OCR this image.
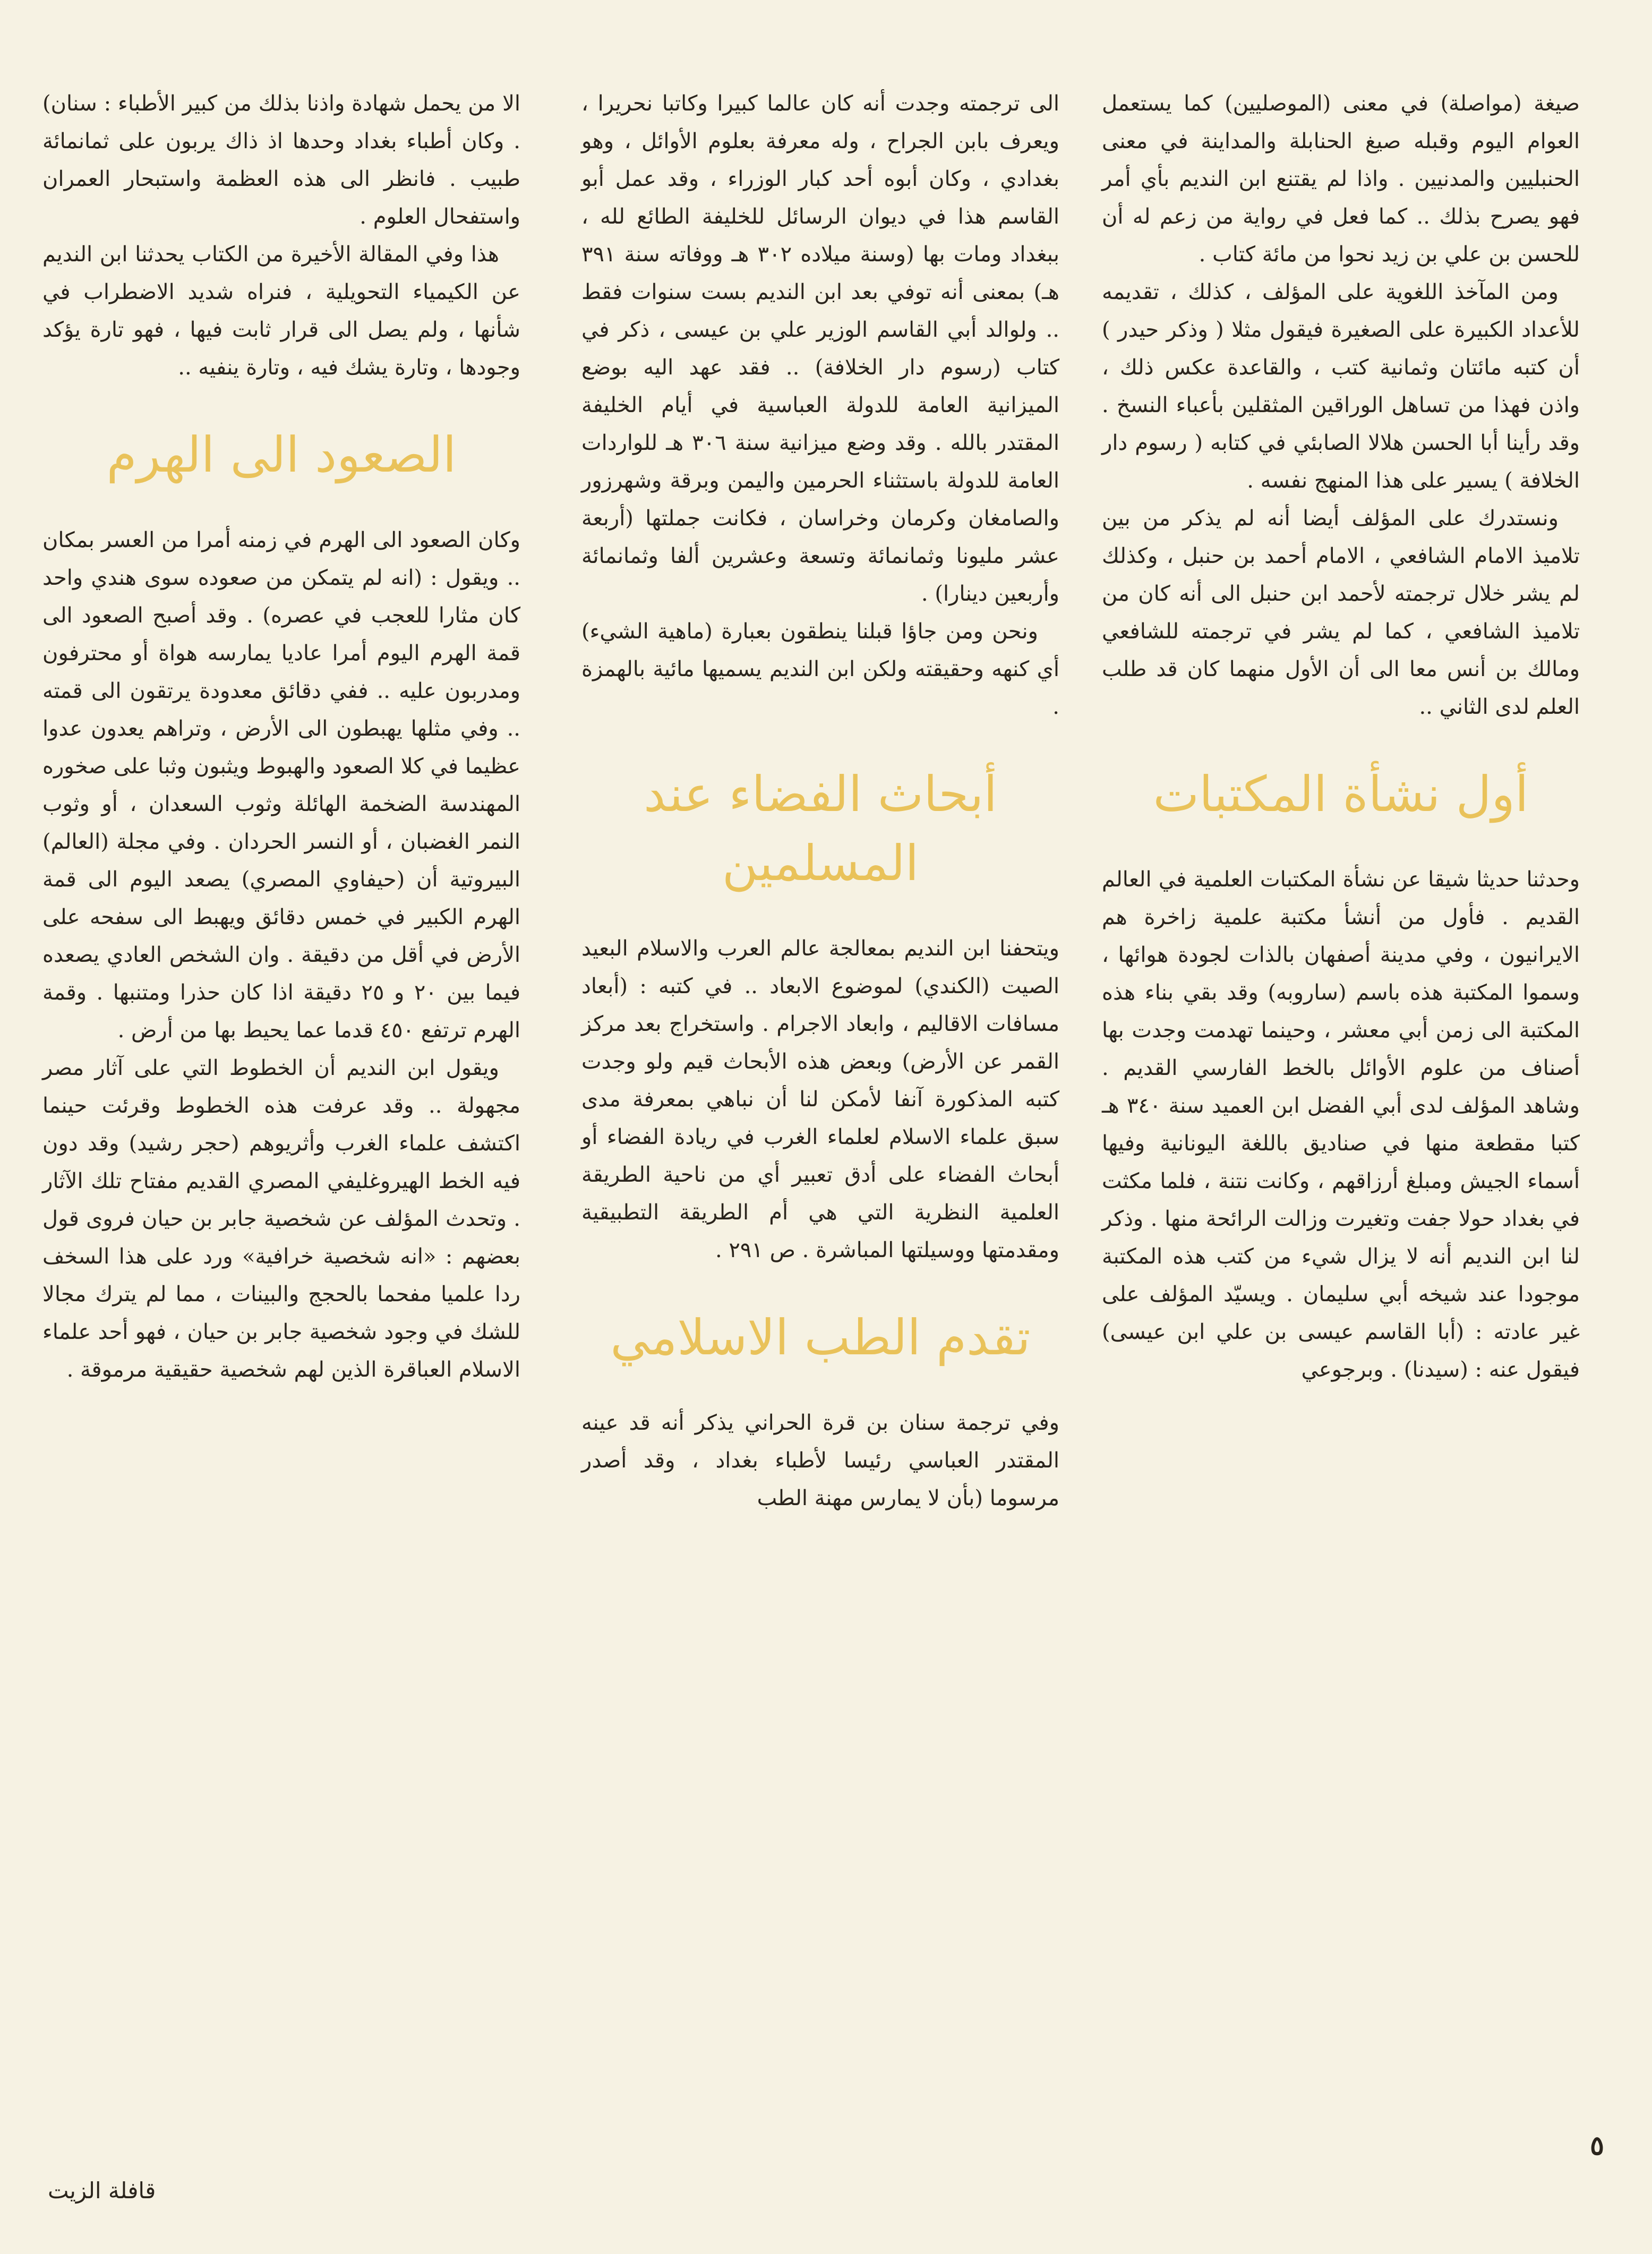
صيغة (مواصلة) في معنى (الموصليين) كما يستعمل العوام اليوم وقبله صيغ الحنابلة والمداينة في معنى الحنبليين والمدنيين . واذا لم يقتنع ابن النديم بأي أمر فهو يصرح بذلك .. كما فعل في رواية من زعم له أن للحسن بن علي بن زيد نحوا من مائة كتاب .

ومن المآخذ اللغوية على المؤلف ، كذلك ، تقديمه للأعداد الكبيرة على الصغيرة فيقول مثلا ( وذكر حيدر ) أن كتبه مائتان وثمانية كتب ، والقاعدة عكس ذلك ، واذن فهذا من تساهل الوراقين المثقلين بأعباء النسخ . وقد رأينا أبا الحسن هلالا الصابئي في كتابه ( رسوم دار الخلافة ) يسير على هذا المنهج نفسه .

ونستدرك على المؤلف أيضا أنه لم يذكر من بين تلاميذ الامام الشافعي ، الامام أحمد بن حنبل ، وكذلك لم يشر خلال ترجمته لأحمد ابن حنبل الى أنه كان من تلاميذ الشافعي ، كما لم يشر في ترجمته للشافعي ومالك بن أنس معا الى أن الأول منهما كان قد طلب العلم لدى الثاني ..

أول نشأة المكتبات

وحدثنا حديثا شيقا عن نشأة المكتبات العلمية في العالم القديم . فأول من أنشأ مكتبة علمية زاخرة هم الايرانيون ، وفي مدينة أصفهان بالذات لجودة هوائها ، وسموا المكتبة هذه باسم (ساروبه) وقد بقي بناء هذه المكتبة الى زمن أبي معشر ، وحينما تهدمت وجدت بها أصناف من علوم الأوائل بالخط الفارسي القديم . وشاهد المؤلف لدى أبي الفضل ابن العميد سنة ٣٤٠ هـ كتبا مقطعة منها في صناديق باللغة اليونانية وفيها أسماء الجيش ومبلغ أرزاقهم ، وكانت نتنة ، فلما مكثت في بغداد حولا جفت وتغيرت وزالت الرائحة منها . وذكر لنا ابن النديم أنه لا يزال شيء من كتب هذه المكتبة موجودا عند شيخه أبي سليمان . ويسيّد المؤلف على غير عادته : (أبا القاسم عيسى بن علي ابن عيسى) فيقول عنه : (سيدنا) . وبرجوعي

الى ترجمته وجدت أنه كان عالما كبيرا وكاتبا نحريرا ، ويعرف بابن الجراح ، وله معرفة بعلوم الأوائل ، وهو بغدادي ، وكان أبوه أحد كبار الوزراء ، وقد عمل أبو القاسم هذا في ديوان الرسائل للخليفة الطائع لله ، ببغداد ومات بها (وسنة ميلاده ٣٠٢ هـ ووفاته سنة ٣٩١ هـ) بمعنى أنه توفي بعد ابن النديم بست سنوات فقط .. ولوالد أبي القاسم الوزير علي بن عيسى ، ذكر في كتاب (رسوم دار الخلافة) .. فقد عهد اليه بوضع الميزانية العامة للدولة العباسية في أيام الخليفة المقتدر بالله . وقد وضع ميزانية سنة ٣٠٦ هـ للواردات العامة للدولة باستثناء الحرمين واليمن وبرقة وشهرزور والصامغان وكرمان وخراسان ، فكانت جملتها (أربعة عشر مليونا وثمانمائة وتسعة وعشرين ألفا وثمانمائة وأربعين دينارا) .

ونحن ومن جاؤا قبلنا ينطقون بعبارة (ماهية الشيء) أي كنهه وحقيقته ولكن ابن النديم يسميها مائية بالهمزة .

أبحاث الفضاء عند المسلمين

ويتحفنا ابن النديم بمعالجة عالم العرب والاسلام البعيد الصيت (الكندي) لموضوع الابعاد .. في كتبه : (أبعاد مسافات الاقاليم ، وابعاد الاجرام . واستخراج بعد مركز القمر عن الأرض) وبعض هذه الأبحاث قيم ولو وجدت كتبه المذكورة آنفا لأمكن لنا أن نباهي بمعرفة مدى سبق علماء الاسلام لعلماء الغرب في ريادة الفضاء أو أبحاث الفضاء على أدق تعبير أي من ناحية الطريقة العلمية النظرية التي هي أم الطريقة التطبيقية ومقدمتها ووسيلتها المباشرة . ص ٢٩١ .

تقدم الطب الاسلامي

وفي ترجمة سنان بن قرة الحراني يذكر أنه قد عينه المقتدر العباسي رئيسا لأطباء بغداد ، وقد أصدر مرسوما (بأن لا يمارس مهنة الطب

الا من يحمل شهادة واذنا بذلك من كبير الأطباء : سنان) . وكان أطباء بغداد وحدها اذ ذاك يربون على ثمانمائة طبيب . فانظر الى هذه العظمة واستبحار العمران واستفحال العلوم .

هذا وفي المقالة الأخيرة من الكتاب يحدثنا ابن النديم عن الكيمياء التحويلية ، فنراه شديد الاضطراب في شأنها ، ولم يصل الى قرار ثابت فيها ، فهو تارة يؤكد وجودها ، وتارة يشك فيه ، وتارة ينفيه ..

الصعود الى الهرم

وكان الصعود الى الهرم في زمنه أمرا من العسر بمكان .. ويقول : (انه لم يتمكن من صعوده سوى هندي واحد كان مثارا للعجب في عصره) . وقد أصبح الصعود الى قمة الهرم اليوم أمرا عاديا يمارسه هواة أو محترفون ومدربون عليه .. ففي دقائق معدودة يرتقون الى قمته .. وفي مثلها يهبطون الى الأرض ، وتراهم يعدون عدوا عظيما في كلا الصعود والهبوط ويثبون وثبا على صخوره المهندسة الضخمة الهائلة وثوب السعدان ، أو وثوب النمر الغضبان ، أو النسر الحردان . وفي مجلة (العالم) البيروتية أن (حيفاوي المصري) يصعد اليوم الى قمة الهرم الكبير في خمس دقائق ويهبط الى سفحه على الأرض في أقل من دقيقة . وان الشخص العادي يصعده فيما بين ٢٠ و ٢٥ دقيقة اذا كان حذرا ومتنبها . وقمة الهرم ترتفع ٤٥٠ قدما عما يحيط بها من أرض .

ويقول ابن النديم أن الخطوط التي على آثار مصر مجهولة .. وقد عرفت هذه الخطوط وقرئت حينما اكتشف علماء الغرب وأثريوهم (حجر رشيد) وقد دون فيه الخط الهيروغليفي المصري القديم مفتاح تلك الآثار . وتحدث المؤلف عن شخصية جابر بن حيان فروى قول بعضهم : «انه شخصية خرافية» ورد على هذا السخف ردا علميا مفحما بالحجج والبينات ، مما لم يترك مجالا للشك في وجود شخصية جابر بن حيان ، فهو أحد علماء الاسلام العباقرة الذين لهم شخصية حقيقية مرموقة .

٥
قافلة الزيت
